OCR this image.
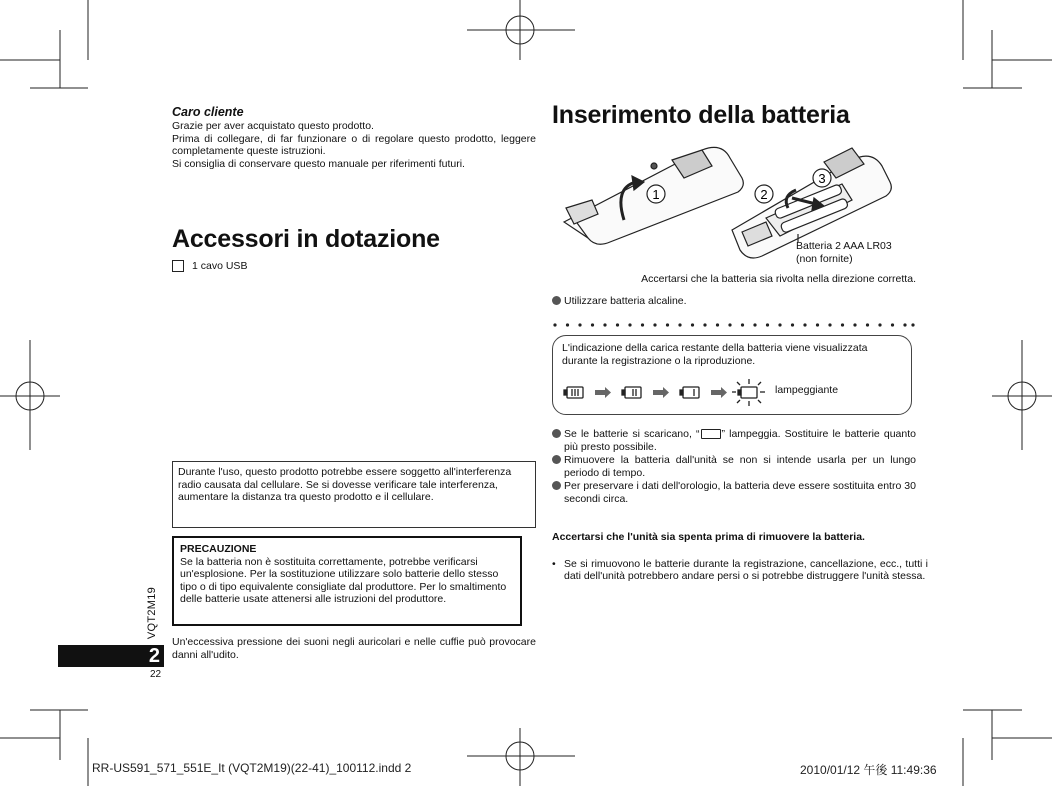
Caro cliente
Grazie per aver acquistato questo prodotto.
Prima di collegare, di far funzionare o di regolare questo prodotto, leggere completamente queste istruzioni.
Si consiglia di conservare questo manuale per riferimenti futuri.
Accessori in dotazione
1 cavo USB
Durante l'uso, questo prodotto potrebbe essere soggetto all'interferenza radio causata dal cellulare. Se si dovesse verificare tale interferenza, aumentare la distanza tra questo prodotto e il cellulare.
PRECAUZIONE
Se la batteria non è sostituita correttamente, potrebbe verificarsi un'esplosione. Per la sostituzione utilizzare solo batterie dello stesso tipo o di tipo equivalente consigliate dal produttore. Per lo smaltimento delle batterie usate attenersi alle istruzioni del produttore.
Un'eccessiva pressione dei suoni negli auricolari e nelle cuffie può provocare danni all'udito.
VQT2M19
2
22
Inserimento della batteria
1	2
3
Batteria 2 AAA LR03
(non fornite)
Accertarsi che la batteria sia rivolta nella direzione corretta.
Utilizzare batteria alcaline.
L'indicazione della carica restante della batteria viene visualizzata durante la registrazione o la riproduzione.
lampeggiante
Se le batterie si scaricano, “ ” lampeggia. Sostituire le batterie quanto più presto possibile.
Rimuovere la batteria dall'unità se non si intende usarla per un lungo periodo di tempo.
Per preservare i dati dell'orologio, la batteria deve essere sostituita entro 30 secondi circa.
Accertarsi che l'unità sia spenta prima di rimuovere la batteria.
• Se si rimuovono le batterie durante la registrazione, cancellazione, ecc., tutti i dati dell'unità potrebbero andare persi o si potrebbe distruggere l'unità stessa.
RR-US591_571_551E_It (VQT2M19)(22-41)_100112.indd 2	2010/01/12 午後 11:49:36
